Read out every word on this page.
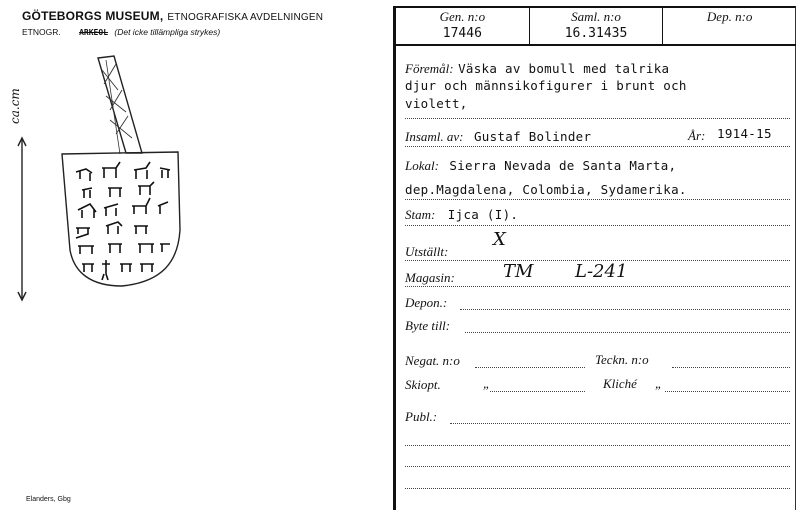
GÖTEBORGS MUSEUM, ETNOGRAFISKA AVDELNINGEN
ETNOGR. ARKEOL (Det icke tillämpliga strykes)
ca.cm
Elanders, Gbg
Gen. n:o
17446
Saml. n:o
16.31435
Dep. n:o
Föremål: Väska av bomull med talrika
djur och männsikofigurer i brunt och
violett,
Insaml. av: Gustaf Bolinder	År: 1914-15
Lokal: Sierra Nevada de Santa Marta,
dep.Magdalena, Colombia, Sydamerika.
Stam: Ijca (I).
Utställt:
X
Magasin:	TM L-241
Depon.:
Byte till:
Negat. n:o	Teckn. n:o
Skiopt.	„	Kliché „
Publ.:
